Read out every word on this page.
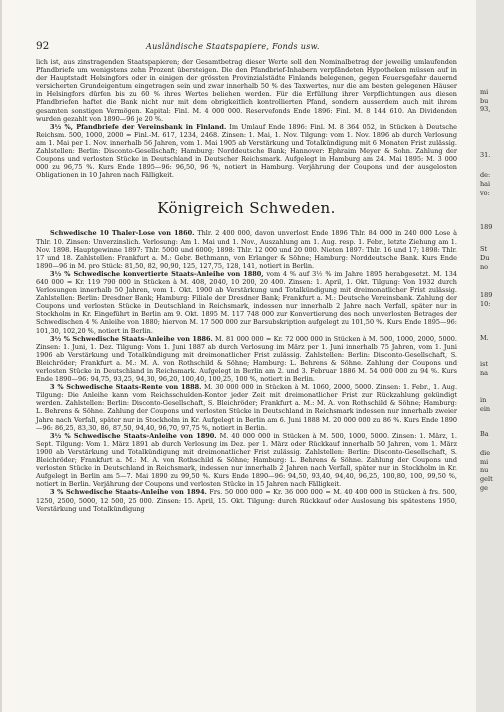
92	Ausländische Staatspapiere, Fonds usw.

lich ist, aus zinstragenden Staatspapieren; der Gesamtbetrag dieser Werte soll den Nominalbetrag der jeweilig umlaufenden Pfandbriefe um wenigstens zehn Prozent übersteigen. Die den Pfandbrief-Inhabern verpfändeten Hypotheken müssen auf in der Hauptstadt Helsingfors oder in einigen der grössten Provinzialstädte Finlands belegenen, gegen Feuersgefahr dauernd versicherten Grundeigentum eingetragen sein und zwar innerhalb 50 % des Taxwertes, nur die am besten gelegenen Häuser in Helsingfors dürfen bis zu 60 % ihres Wertes beliehen werden. Für die Erfüllung ihrer Verpflichtungen aus diesen Pfandbriefen haftet die Bank nicht nur mit dem obrigkeitlich kontrollierten Pfand, sondern ausserdem auch mit ihrem gesamten sonstigen Vermögen. Kapital: Finl. M. 4 000 000. Reservefonds Ende 1896: Finl. M. 8 144 610. An Dividenden wurden gezahlt von 1890—96 je 20 %.

3½ %, Pfandbriefe der Vereinsbank in Finland. Im Umlauf Ende 1896: Finl. M. 8 364 052, in Stücken à Deutsche Reichsm. 500, 1000, 2000 = Finl.-M. 617, 1234, 2468. Zinsen: 1. Mai, 1. Nov. Tilgung: vom 1. Nov. 1896 ab durch Verlosung am 1. Mai per 1. Nov. innerhalb 56 Jahren, vom 1. Mai 1905 ab Verstärkung und Totalkündigung mit 6 Monaten Frist zulässig. Zahlstellen: Berlin: Disconto-Gesellschaft; Hamburg: Norddeutsche Bank; Hannover: Ephraim Meyer & Sohn. Zahlung der Coupons und verlosten Stücke in Deutschland in Deutscher Reichsmark. Aufgelegt in Hamburg am 24. Mai 1895: M. 3 000 000 zu 96,75 %. Kurs Ende 1895—96: 96,50, 96 %, notiert in Hamburg. Verjährung der Coupons und der ausgelosten Obligationen in 10 Jahren nach Fälligkeit.

Königreich Schweden.

Schwedische 10 Thaler-Lose von 1860. Thlr. 2 400 000, davon unverlost Ende 1896 Thlr. 84 000 in 240 000 Lose à Thlr. 10. Zinsen: Unverzinslich. Verlosung: Am 1. Mai und 1. Nov., Auszahlung am 1. Aug. resp. 1. Febr., letzte Ziehung am 1. Nov. 1898. Hauptgewinne 1897: Thlr. 5000 und 6000; 1898: Thlr. 12 000 und 20 000. Nieten 1897: Thlr. 16 und 17; 1898: Thlr. 17 und 18. Zahlstellen: Frankfurt a. M.: Gebr. Bethmann, von Erlanger & Söhne; Hamburg: Norddeutsche Bank. Kurs Ende 1890—96 in M. pro Stück: 81,50, 82, 90,90, 125, 127,75, 128, 141, notiert in Berlin.

3½ % Schwedische konvertierte Staats-Anleihe von 1880, vom 4 % auf 3½ % im Jahre 1895 herabgesetzt. M. 134 640 000 = Kr. 119 790 000 in Stücken à M. 408, 2040, 10 200, 20 400. Zinsen: 1. April, 1. Okt. Tilgung: Von 1932 durch Verlosungen innerhalb 50 Jahren, vom 1. Okt. 1900 ab Verstärkung und Totalkündigung mit dreimonatlicher Frist zulässig. Zahlstellen: Berlin: Dresdner Bank; Hamburg: Filiale der Dresdner Bank; Frankfurt a. M.: Deutsche Vereinsbank. Zahlung der Coupons und verlosten Stücke in Deutschland in Reichsmark, indessen nur innerhalb 2 Jahre nach Verfall, später nur in Stockholm in Kr. Eingeführt in Berlin am 9. Okt. 1895 M. 117 748 000 zur Konvertierung des noch unverlosten Betrages der Schwedischen 4 % Anleihe von 1880; hiervon M. 17 500 000 zur Barsubskription aufgelegt zu 101,50 %. Kurs Ende 1895—96: 101,30, 102,20 %, notiert in Berlin.

3½ % Schwedische Staats-Anleihe von 1886. M. 81 000 000 = Kr. 72 000 000 in Stücken à M. 500, 1000, 2000, 5000. Zinsen: 1. Juni, 1. Dez. Tilgung: Vom 1. Juni 1887 ab durch Verlosung im März per 1. Juni innerhalb 75 Jahren, vom 1. Juni 1906 ab Verstärkung und Totalkündigung mit dreimonatlicher Frist zulässig. Zahlstellen: Berlin: Disconto-Gesellschaft, S. Bleichröder; Frankfurt a. M.: M. A. von Rothschild & Söhne; Hamburg: L. Behrens & Söhne. Zahlung der Coupons und verlosten Stücke in Deutschland in Reichsmark. Aufgelegt in Berlin am 2. und 3. Februar 1886 M. 54 000 000 zu 94 %. Kurs Ende 1890—96: 94,75, 93,25, 94,30, 96,20, 100,40, 100,25, 100 %, notiert in Berlin.

3 % Schwedische Staats-Rente von 1888. M. 30 000 000 in Stücken à M. 1060, 2000, 5000. Zinsen: 1. Febr., 1. Aug. Tilgung: Die Anleihe kann vom Reichsschulden-Kontor jeder Zeit mit dreimonatlicher Frist zur Rückzahlung gekündigt werden. Zahlstellen: Berlin: Disconto-Gesellschaft, S. Bleichröder; Frankfurt a. M.: M. A. von Rothschild & Söhne; Hamburg: L. Behrens & Söhne. Zahlung der Coupons und verlosten Stücke in Deutschland in Reichsmark indessen nur innerhalb zweier Jahre nach Verfall, später nur in Stockholm in Kr. Aufgelegt in Berlin am 6. Juni 1888 M. 20 000 000 zu 86 %. Kurs Ende 1890—96: 86,25, 83,30, 86, 87,50, 94,40, 96,70, 97,75 %, notiert in Berlin.

3½ % Schwedische Staats-Anleihe von 1890. M. 40 000 000 in Stücken à M. 500, 1000, 5000. Zinsen: 1. März, 1. Sept. Tilgung: Vom 1. März 1891 ab durch Verlosung im Dez. per 1. März oder Rückkauf innerhalb 50 Jahren, vom 1. März 1900 ab Verstärkung und Totalkündigung mit dreimonatlicher Frist zulässig. Zahlstellen: Berlin: Disconto-Gesellschaft, S. Bleichröder; Frankfurt a. M.: M. A. von Rothschild & Söhne; Hamburg: L. Behrens & Söhne. Zahlung der Coupons und verlosten Stücke in Deutschland in Reichsmark, indessen nur innerhalb 2 Jahren nach Verfall, später nur in Stockholm in Kr. Aufgelegt in Berlin am 5—7. Mai 1890 zu 99,50 %. Kurs Ende 1890—96: 94,50, 93,40, 94,40, 96,25, 100,80, 100, 99,50 %, notiert in Berlin. Verjährung der Coupons und verlosten Stücke in 15 Jahren nach Fälligkeit.

3 % Schwedische Staats-Anleihe von 1894. Frs. 50 000 000 = Kr. 36 000 000 = M. 40 400 000 in Stücken à frs. 500, 1250, 2500, 5000, 12 500, 25 000. Zinsen: 15. April, 15. Okt. Tilgung: durch Rückkauf oder Auslosung bis spätestens 1950, Verstärkung und Totalkündigung

mi
bu
93,
31.
de:
hai
vo:
189
St
Du
no
189
10:
M.
ist
na
in
ein
Ba
die
mi
nu
gelt
ge
